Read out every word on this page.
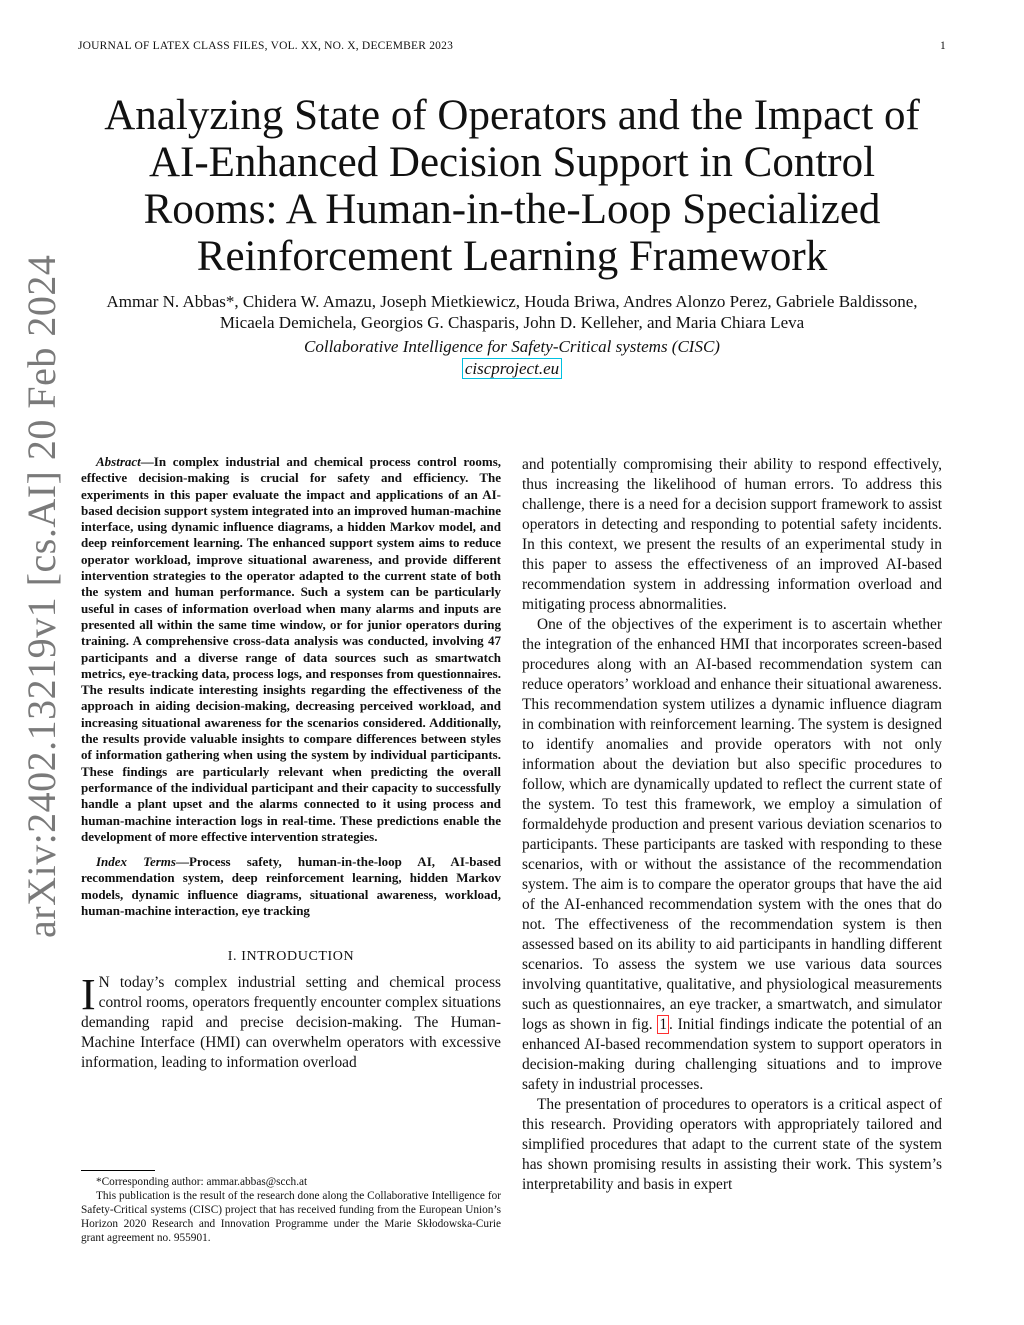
JOURNAL OF LATEX CLASS FILES, VOL. XX, NO. X, DECEMBER 2023	1
arXiv:2402.13219v1 [cs.AI] 20 Feb 2024
Analyzing State of Operators and the Impact of AI-Enhanced Decision Support in Control Rooms: A Human-in-the-Loop Specialized Reinforcement Learning Framework
Ammar N. Abbas*, Chidera W. Amazu, Joseph Mietkiewicz, Houda Briwa, Andres Alonzo Perez, Gabriele Baldissone, Micaela Demichela, Georgios G. Chasparis, John D. Kelleher, and Maria Chiara Leva
Collaborative Intelligence for Safety-Critical systems (CISC)
ciscproject.eu
Abstract—In complex industrial and chemical process control rooms, effective decision-making is crucial for safety and efficiency. The experiments in this paper evaluate the impact and applications of an AI-based decision support system integrated into an improved human-machine interface, using dynamic influence diagrams, a hidden Markov model, and deep reinforcement learning. The enhanced support system aims to reduce operator workload, improve situational awareness, and provide different intervention strategies to the operator adapted to the current state of both the system and human performance. Such a system can be particularly useful in cases of information overload when many alarms and inputs are presented all within the same time window, or for junior operators during training. A comprehensive cross-data analysis was conducted, involving 47 participants and a diverse range of data sources such as smartwatch metrics, eye-tracking data, process logs, and responses from questionnaires. The results indicate interesting insights regarding the effectiveness of the approach in aiding decision-making, decreasing perceived workload, and increasing situational awareness for the scenarios considered. Additionally, the results provide valuable insights to compare differences between styles of information gathering when using the system by individual participants. These findings are particularly relevant when predicting the overall performance of the individual participant and their capacity to successfully handle a plant upset and the alarms connected to it using process and human-machine interaction logs in real-time. These predictions enable the development of more effective intervention strategies.
Index Terms—Process safety, human-in-the-loop AI, AI-based recommendation system, deep reinforcement learning, hidden Markov models, dynamic influence diagrams, situational awareness, workload, human-machine interaction, eye tracking
I. INTRODUCTION
I N today’s complex industrial setting and chemical process control rooms, operators frequently encounter complex situations demanding rapid and precise decision-making. The Human-Machine Interface (HMI) can overwhelm operators with excessive information, leading to information overload
*Corresponding author: ammar.abbas@scch.at
This publication is the result of the research done along the Collaborative Intelligence for Safety-Critical systems (CISC) project that has received funding from the European Union’s Horizon 2020 Research and Innovation Programme under the Marie Skłodowska-Curie grant agreement no. 955901.

and potentially compromising their ability to respond effectively, thus increasing the likelihood of human errors. To address this challenge, there is a need for a decision support framework to assist operators in detecting and responding to potential safety incidents. In this context, we present the results of an experimental study in this paper to assess the effectiveness of an improved AI-based recommendation system in addressing information overload and mitigating process abnormalities.

One of the objectives of the experiment is to ascertain whether the integration of the enhanced HMI that incorporates screen-based procedures along with an AI-based recommendation system can reduce operators’ workload and enhance their situational awareness. This recommendation system utilizes a dynamic influence diagram in combination with reinforcement learning. The system is designed to identify anomalies and provide operators with not only information about the deviation but also specific procedures to follow, which are dynamically updated to reflect the current state of the system. To test this framework, we employ a simulation of formaldehyde production and present various deviation scenarios to participants. These participants are tasked with responding to these scenarios, with or without the assistance of the recommendation system. The aim is to compare the operator groups that have the aid of the AI-enhanced recommendation system with the ones that do not. The effectiveness of the recommendation system is then assessed based on its ability to aid participants in handling different scenarios. To assess the system we use various data sources involving quantitative, qualitative, and physiological measurements such as questionnaires, an eye tracker, a smartwatch, and simulator logs as shown in fig. 1 . Initial findings indicate the potential of an enhanced AI-based recommendation system to support operators in decision-making during challenging situations and to improve safety in industrial processes.

The presentation of procedures to operators is a critical aspect of this research. Providing operators with appropriately tailored and simplified procedures that adapt to the current state of the system has shown promising results in assisting their work. This system’s interpretability and basis in expert
